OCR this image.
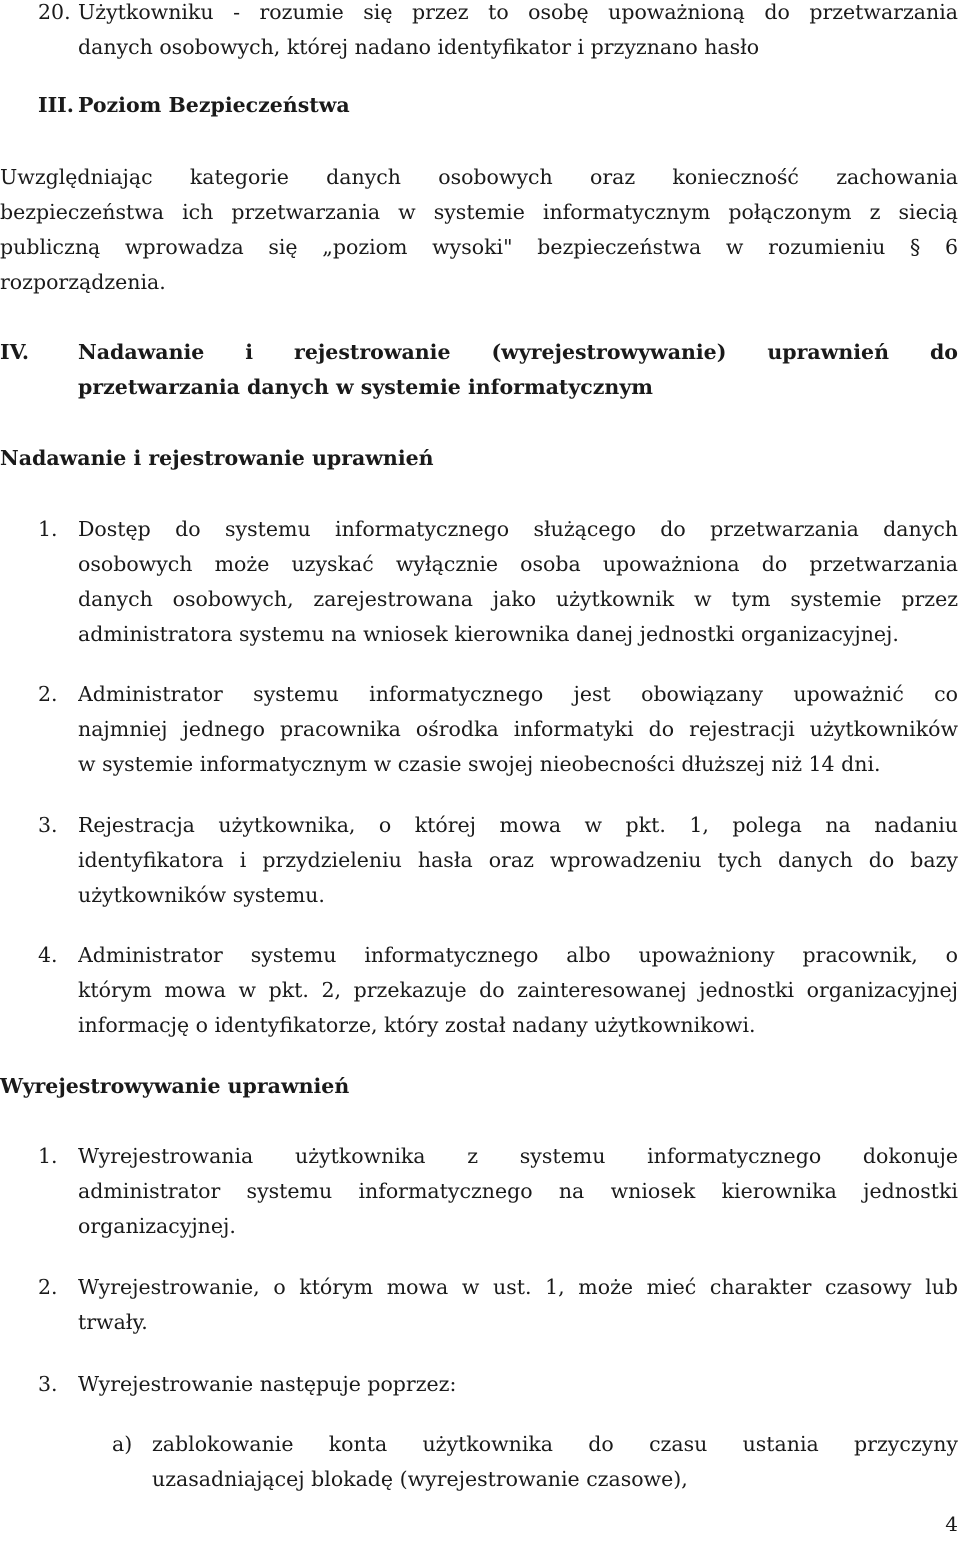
20. Użytkowniku - rozumie się przez to osobę upoważnioną do przetwarzania
danych osobowych, której nadano identyfikator i przyznano hasło
III. Poziom Bezpieczeństwa
Uwzględniając kategorie danych osobowych oraz konieczność zachowania
bezpieczeństwa ich przetwarzania w systemie informatycznym połączonym z siecią
publiczną wprowadza się „poziom wysoki" bezpieczeństwa w rozumieniu § 6
rozporządzenia.
IV. Nadawanie i rejestrowanie (wyrejestrowywanie) uprawnień do
przetwarzania danych w systemie informatycznym
Nadawanie i rejestrowanie uprawnień
1. Dostęp do systemu informatycznego służącego do przetwarzania danych
osobowych może uzyskać wyłącznie osoba upoważniona do przetwarzania
danych osobowych, zarejestrowana jako użytkownik w tym systemie przez
administratora systemu na wniosek kierownika danej jednostki organizacyjnej.
2. Administrator systemu informatycznego jest obowiązany upoważnić co
najmniej jednego pracownika ośrodka informatyki do rejestracji użytkowników
w systemie informatycznym w czasie swojej nieobecności dłuższej niż 14 dni.
3. Rejestracja użytkownika, o której mowa w pkt. 1, polega na nadaniu
identyfikatora i przydzieleniu hasła oraz wprowadzeniu tych danych do bazy
użytkowników systemu.
4. Administrator systemu informatycznego albo upoważniony pracownik, o
którym mowa w pkt. 2, przekazuje do zainteresowanej jednostki organizacyjnej
informację o identyfikatorze, który został nadany użytkownikowi.
Wyrejestrowywanie uprawnień
1. Wyrejestrowania użytkownika z systemu informatycznego dokonuje
administrator systemu informatycznego na wniosek kierownika jednostki
organizacyjnej.
2. Wyrejestrowanie, o którym mowa w ust. 1, może mieć charakter czasowy lub
trwały.
3. Wyrejestrowanie następuje poprzez:
a) zablokowanie konta użytkownika do czasu ustania przyczyny
uzasadniającej blokadę (wyrejestrowanie czasowe),
4
